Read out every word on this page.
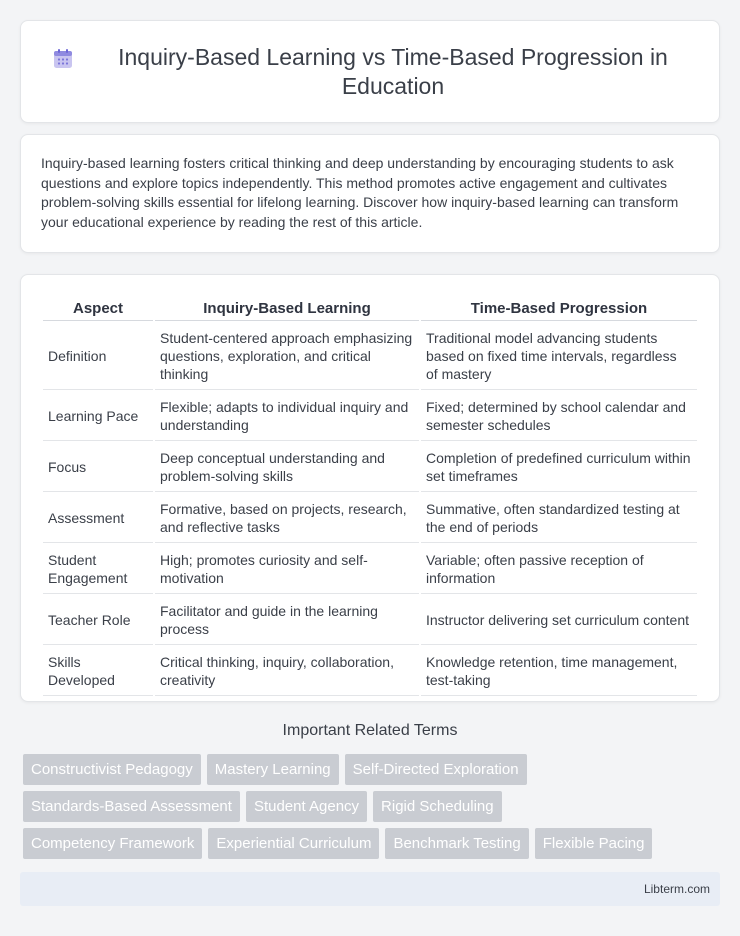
Inquiry-Based Learning vs Time-Based Progression in Education

Inquiry-based learning fosters critical thinking and deep understanding by encouraging students to ask questions and explore topics independently. This method promotes active engagement and cultivates problem-solving skills essential for lifelong learning. Discover how inquiry-based learning can transform your educational experience by reading the rest of this article.

Aspect	Inquiry-Based Learning	Time-Based Progression
Definition	Student-centered approach emphasizing questions, exploration, and critical thinking	Traditional model advancing students based on fixed time intervals, regardless of mastery
Learning Pace	Flexible; adapts to individual inquiry and understanding	Fixed; determined by school calendar and semester schedules
Focus	Deep conceptual understanding and problem-solving skills	Completion of predefined curriculum within set timeframes
Assessment	Formative, based on projects, research, and reflective tasks	Summative, often standardized testing at the end of periods
Student Engagement	High; promotes curiosity and self-motivation	Variable; often passive reception of information
Teacher Role	Facilitator and guide in the learning process	Instructor delivering set curriculum content
Skills Developed	Critical thinking, inquiry, collaboration, creativity	Knowledge retention, time management, test-taking
Important Related Terms
Constructivist Pedagogy	Mastery Learning	Self-Directed Exploration
Standards-Based Assessment	Student Agency	Rigid Scheduling
Competency Framework	Experiential Curriculum	Benchmark Testing	Flexible Pacing
Libterm.com
